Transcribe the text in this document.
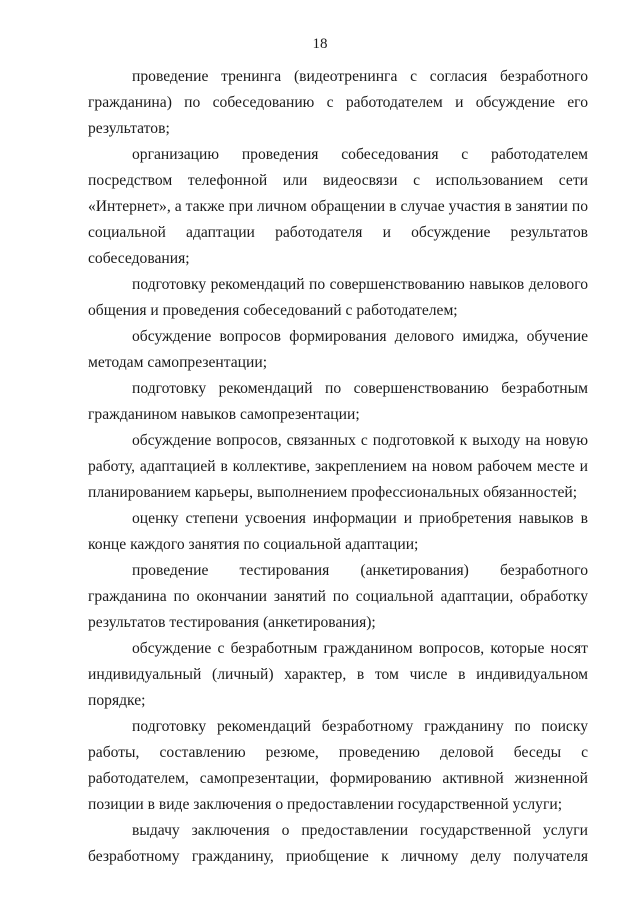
18

проведение тренинга (видеотренинга с согласия безработного гражданина) по собеседованию с работодателем и обсуждение его результатов;

организацию проведения собеседования с работодателем посредством телефонной или видеосвязи с использованием сети «Интернет», а также при личном обращении в случае участия в занятии по социальной адаптации работодателя и обсуждение результатов собеседования;

подготовку рекомендаций по совершенствованию навыков делового общения и проведения собеседований с работодателем;

обсуждение вопросов формирования делового имиджа, обучение методам самопрезентации;

подготовку рекомендаций по совершенствованию безработным гражданином навыков самопрезентации;

обсуждение вопросов, связанных с подготовкой к выходу на новую работу, адаптацией в коллективе, закреплением на новом рабочем месте и планированием карьеры, выполнением профессиональных обязанностей;

оценку степени усвоения информации и приобретения навыков в конце каждого занятия по социальной адаптации;

проведение тестирования (анкетирования) безработного гражданина по окончании занятий по социальной адаптации, обработку результатов тестирования (анкетирования);

обсуждение с безработным гражданином вопросов, которые носят индивидуальный (личный) характер, в том числе в индивидуальном порядке;

подготовку рекомендаций безработному гражданину по поиску работы, составлению резюме, проведению деловой беседы с работодателем, самопрезентации, формированию активной жизненной позиции в виде заключения о предоставлении государственной услуги;

выдачу заключения о предоставлении государственной услуги безработному гражданину, приобщение к личному делу получателя
